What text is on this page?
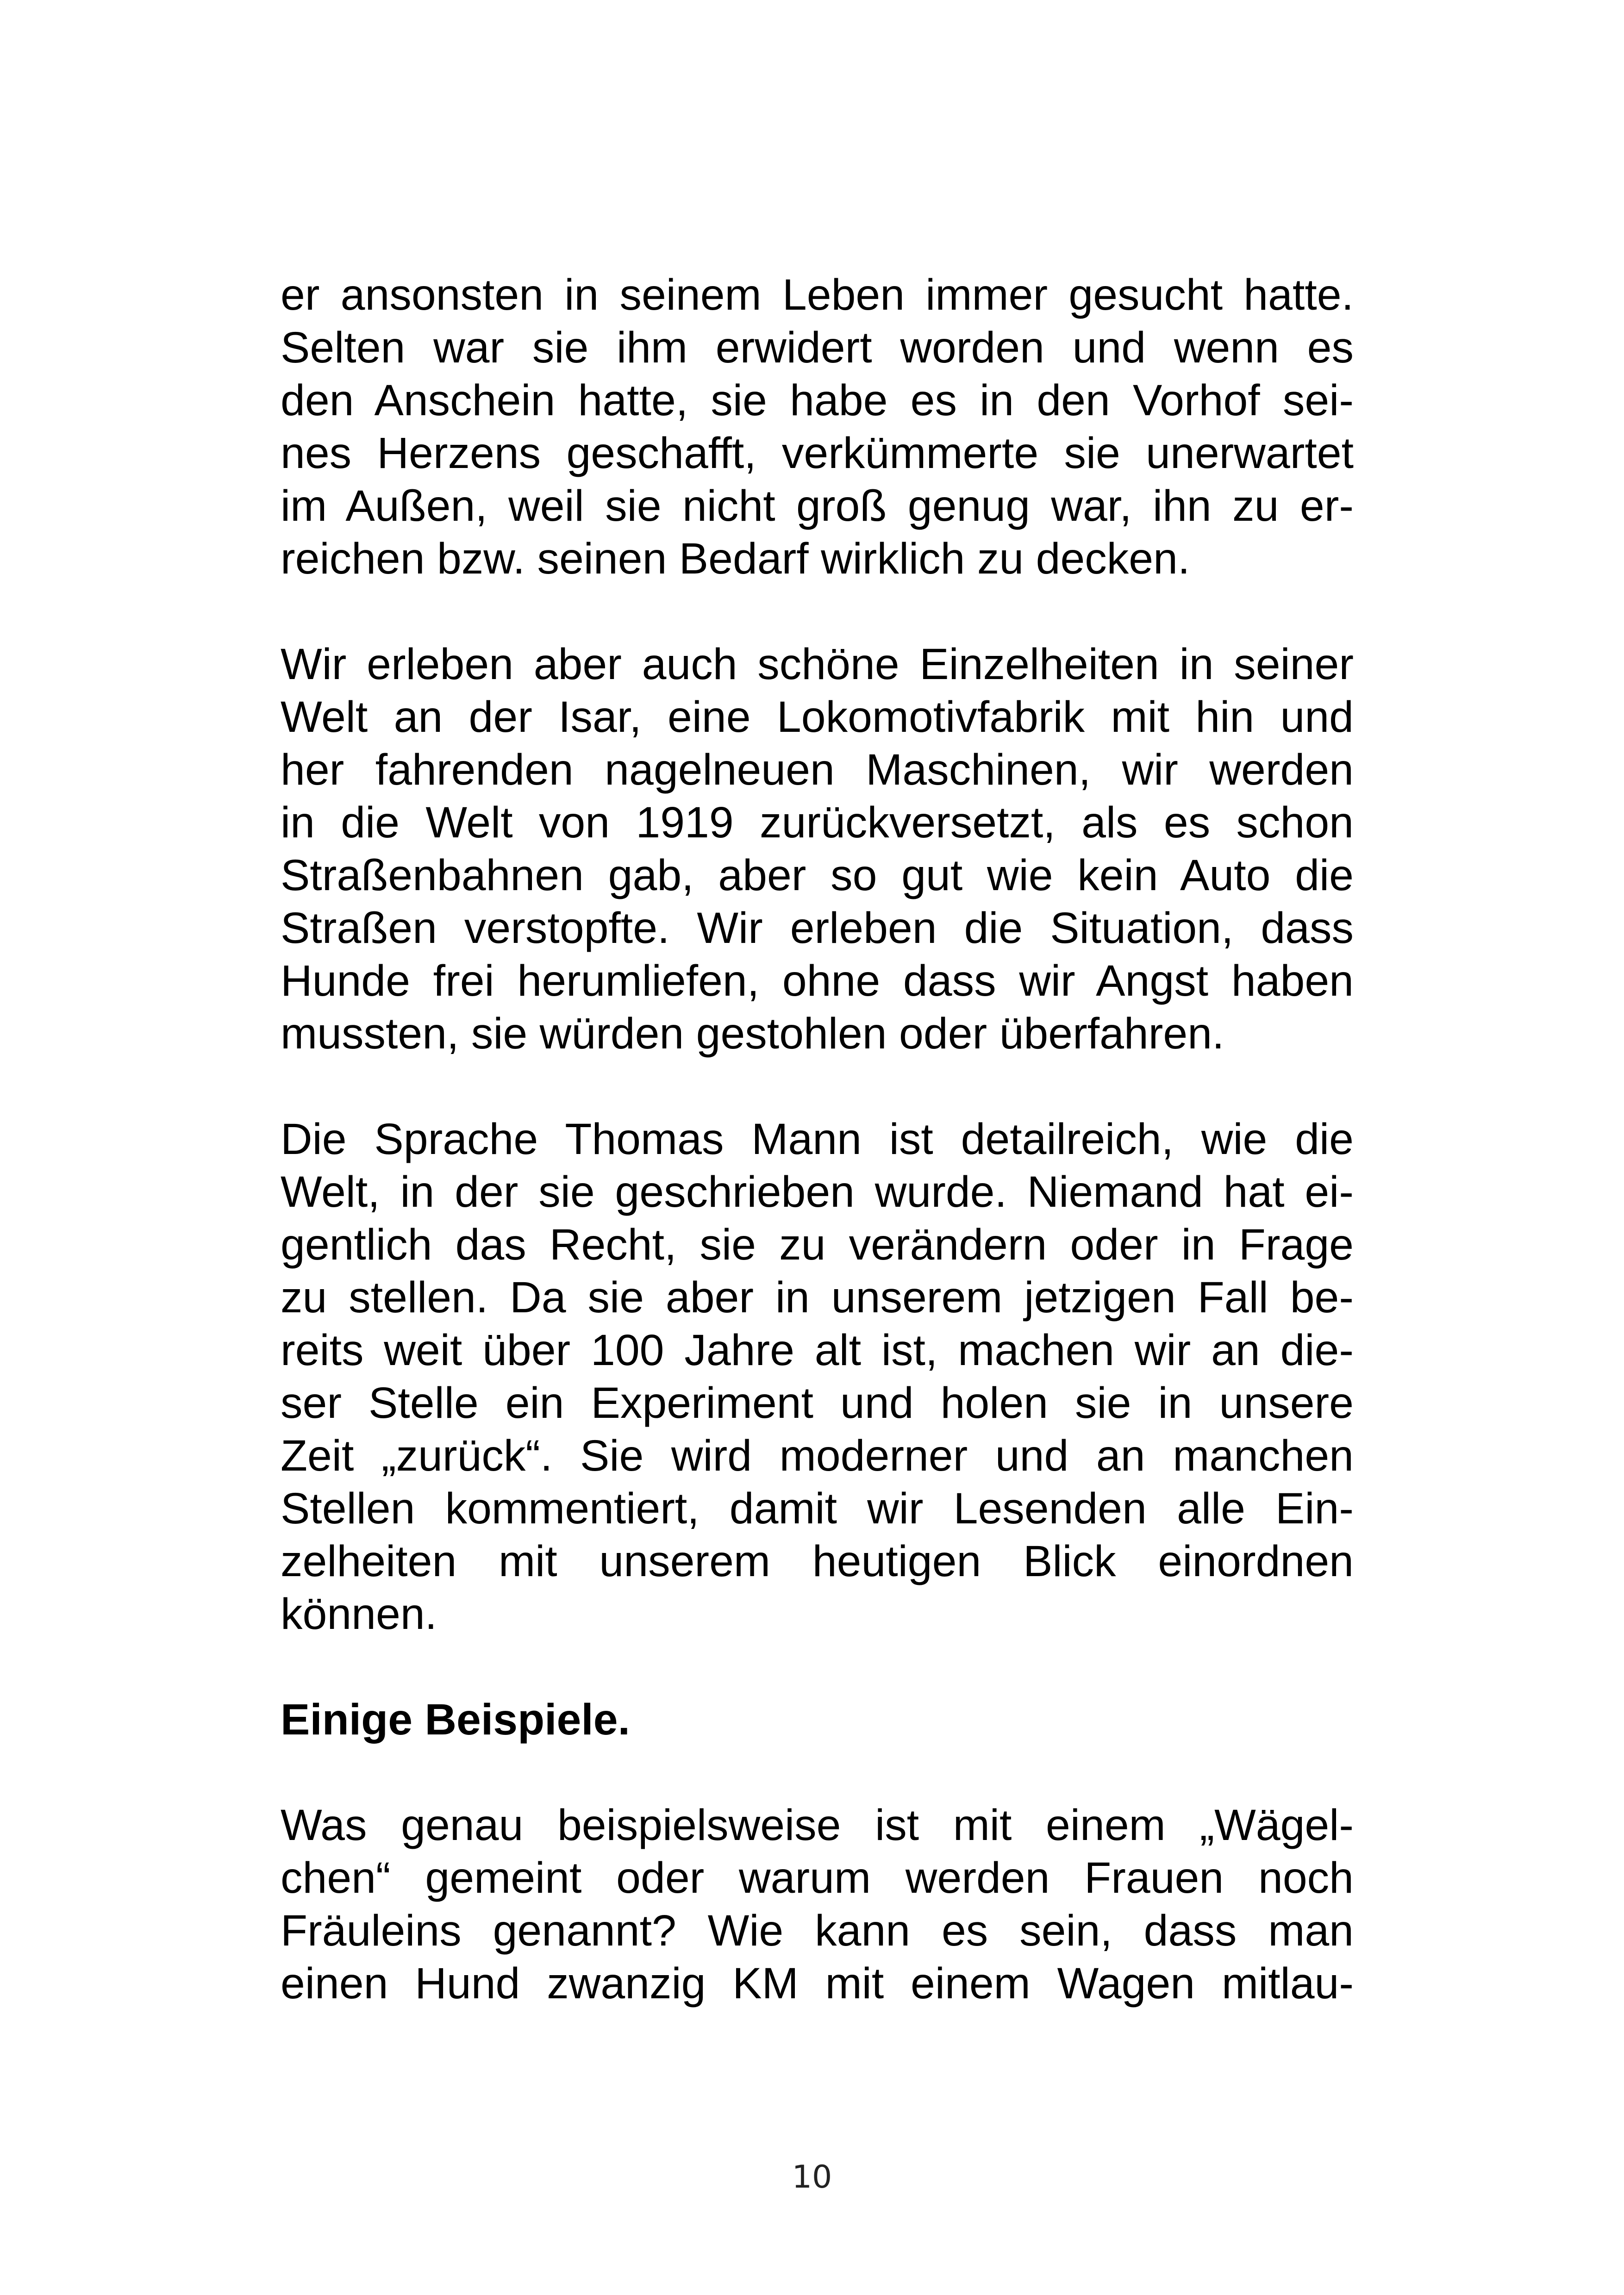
er ansonsten in seinem Leben immer gesucht hatte.
Selten war sie ihm erwidert worden und wenn es
den Anschein hatte, sie habe es in den Vorhof sei-
nes Herzens geschafft, verkümmerte sie unerwartet
im Außen, weil sie nicht groß genug war, ihn zu er-
reichen bzw. seinen Bedarf wirklich zu decken.

Wir erleben aber auch schöne Einzelheiten in seiner
Welt an der Isar, eine Lokomotivfabrik mit hin und
her fahrenden nagelneuen Maschinen, wir werden
in die Welt von 1919 zurückversetzt, als es schon
Straßenbahnen gab, aber so gut wie kein Auto die
Straßen verstopfte. Wir erleben die Situation, dass
Hunde frei herumliefen, ohne dass wir Angst haben
mussten, sie würden gestohlen oder überfahren.

Die Sprache Thomas Mann ist detailreich, wie die
Welt, in der sie geschrieben wurde. Niemand hat ei-
gentlich das Recht, sie zu verändern oder in Frage
zu stellen. Da sie aber in unserem jetzigen Fall be-
reits weit über 100 Jahre alt ist, machen wir an die-
ser Stelle ein Experiment und holen sie in unsere
Zeit „zurück“. Sie wird moderner und an manchen
Stellen kommentiert, damit wir Lesenden alle Ein-
zelheiten mit unserem heutigen Blick einordnen
können.

Einige Beispiele.

Was genau beispielsweise ist mit einem „Wägel-
chen“ gemeint oder warum werden Frauen noch
Fräuleins genannt? Wie kann es sein, dass man
einen Hund zwanzig KM mit einem Wagen mitlau-

10
